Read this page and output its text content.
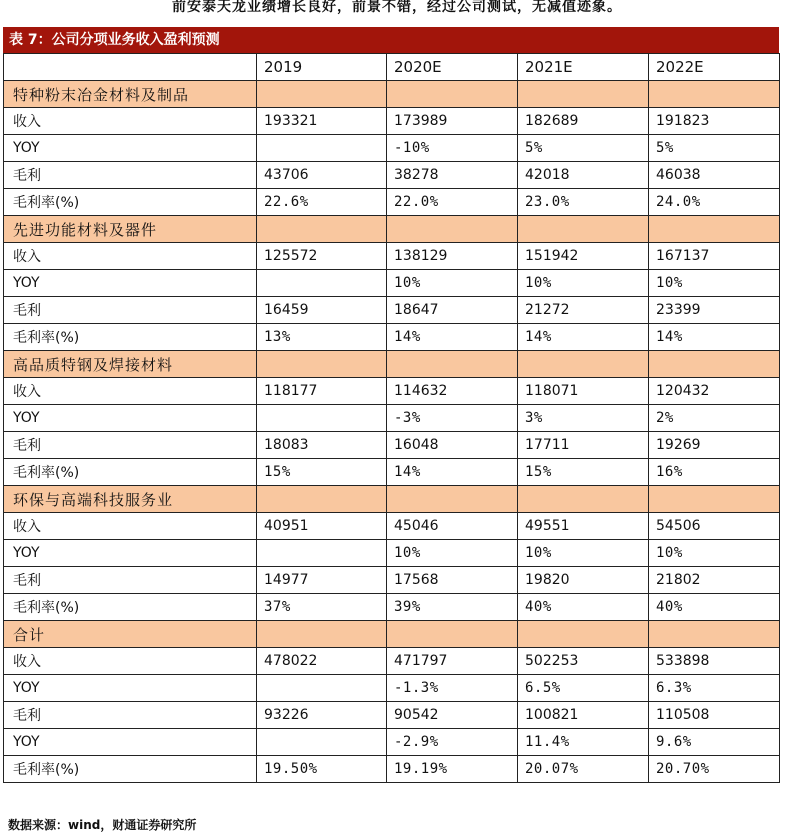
前安泰天龙业绩增长良好，前景不错，经过公司测试，无减值迹象。
表 7：公司分项业务收入盈利预测
	2019	2020E	2021E	2022E
特种粉末冶金材料及制品				
收入	193321	173989	182689	191823
YOY		-10%	5%	5%
毛利	43706	38278	42018	46038
毛利率(%)	22.6%	22.0%	23.0%	24.0%
先进功能材料及器件				
收入	125572	138129	151942	167137
YOY		10%	10%	10%
毛利	16459	18647	21272	23399
毛利率(%)	13%	14%	14%	14%
高品质特钢及焊接材料				
收入	118177	114632	118071	120432
YOY		-3%	3%	2%
毛利	18083	16048	17711	19269
毛利率(%)	15%	14%	15%	16%
环保与高端科技服务业				
收入	40951	45046	49551	54506
YOY		10%	10%	10%
毛利	14977	17568	19820	21802
毛利率(%)	37%	39%	40%	40%
合计				
收入	478022	471797	502253	533898
YOY		-1.3%	6.5%	6.3%
毛利	93226	90542	100821	110508
YOY		-2.9%	11.4%	9.6%
毛利率(%)	19.50%	19.19%	20.07%	20.70%
数据来源：wind，财通证券研究所
